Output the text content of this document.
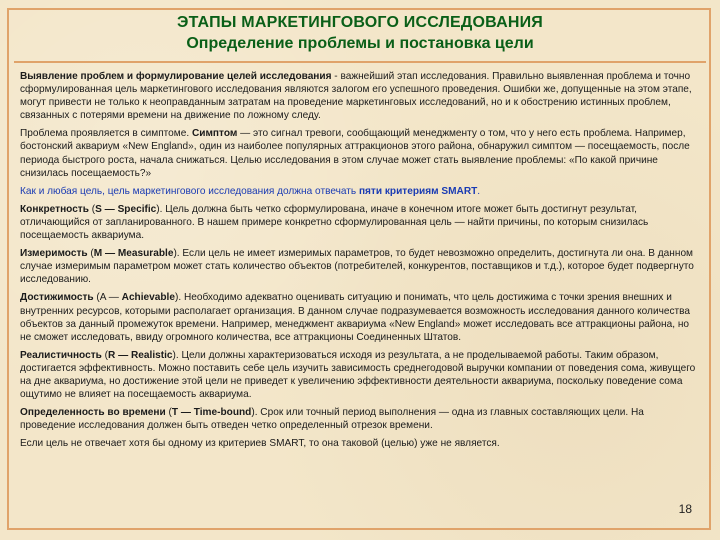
ЭТАПЫ МАРКЕТИНГОВОГО ИССЛЕДОВАНИЯ
Определение проблемы и постановка цели

Выявление проблем и формулирование целей исследования - важнейший этап исследования. Правильно выявленная проблема и точно сформулированная цель маркетингового исследования являются залогом его успешного проведения. Ошибки же, допущенные на этом этапе, могут привести не только к неоправданным затратам на проведение маркетинговых исследований, но и к обострению истинных проблем, связанных с потерями времени на движение по ложному следу.

Проблема проявляется в симптоме. Симптом — это сигнал тревоги, сообщающий менеджменту о том, что у него есть проблема. Например, бостонский аквариум «New England», один из наиболее популярных аттракционов этого района, обнаружил симптом — посещаемость, после периода быстрого роста, начала снижаться. Целью исследования в этом случае может стать выявление проблемы: «По какой причине снизилась посещаемость?»

Как и любая цель, цель маркетингового исследования должна отвечать пяти критериям SMART.

Конкретность (S — Specific). Цель должна быть четко сформулирована, иначе в конечном итоге может быть достигнут результат, отличающийся от запланированного. В нашем примере конкретно сформулированная цель — найти причины, по которым снизилась посещаемость аквариума.

Измеримость (M — Measurable). Если цель не имеет измеримых параметров, то будет невозможно определить, достигнута ли она. В данном случае измеримым параметром может стать количество объектов (потребителей, конкурентов, поставщиков и т.д.), которое будет подвергнуто исследованию.

Достижимость (A — Achievable). Необходимо адекватно оценивать ситуацию и понимать, что цель достижима с точки зрения внешних и внутренних ресурсов, которыми располагает организация. В данном случае подразумевается возможность исследования данного количества объектов за данный промежуток времени. Например, менеджмент аквариума «New England» может исследовать все аттракционы района, но не сможет исследовать, ввиду огромного количества, все аттракционы Соединенных Штатов.

Реалистичность (R — Realistic). Цели должны характеризоваться исходя из результата, а не проделываемой работы. Таким образом, достигается эффективность. Можно поставить себе цель изучить зависимость среднегодовой выручки компании от поведения сома, живущего на дне аквариума, но достижение этой цели не приведет к увеличению эффективности деятельности аквариума, поскольку поведение сома ощутимо не влияет на посещаемость аквариума.

Определенность во времени (T — Time-bound). Срок или точный период выполнения — одна из главных составляющих цели. На проведение исследования должен быть отведен четко определенный отрезок времени.

Если цель не отвечает хотя бы одному из критериев SMART, то она таковой (целью) уже не является.

18
